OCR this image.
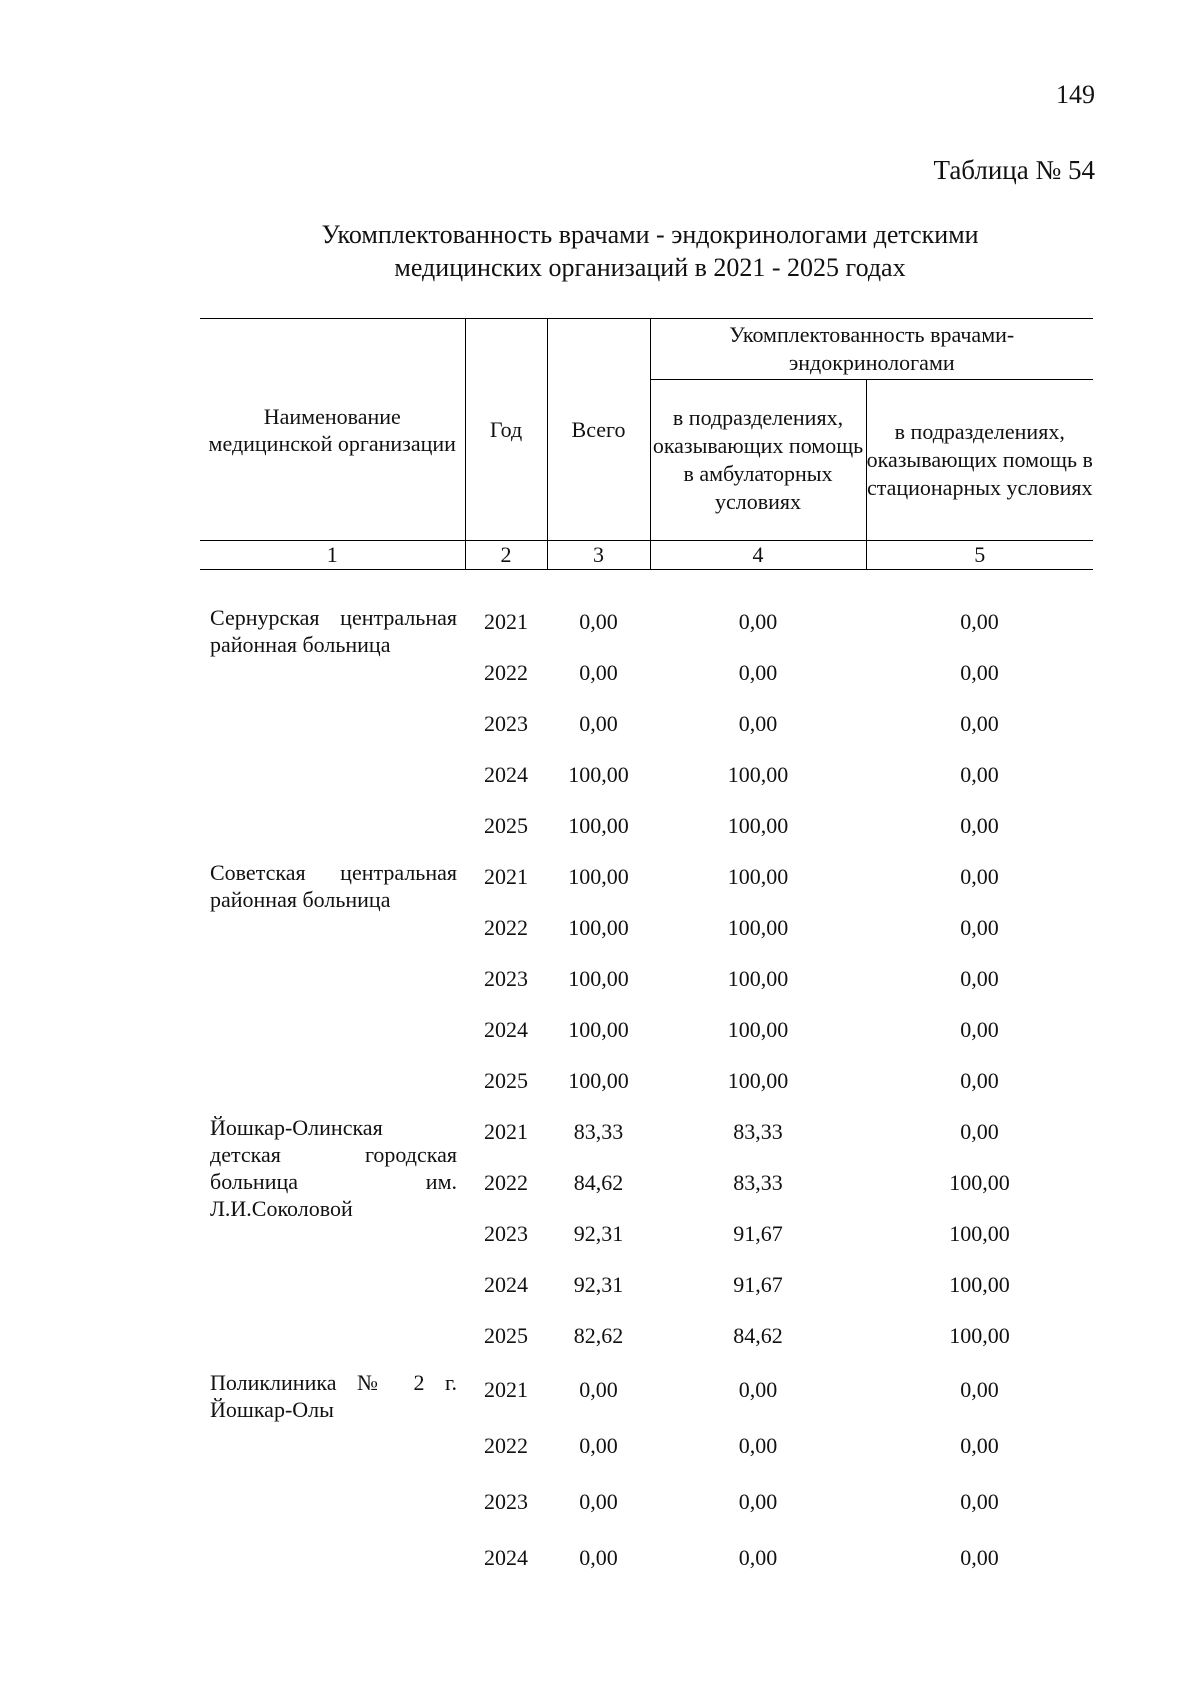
149
Таблица № 54
Укомплектованность врачами - эндокринологами детскими
медицинских организаций в 2021 - 2025 годах
Наименование медицинской организации	Год	Всего	Укомплектованность врачами-эндокринологами	
			в подразделениях, оказывающих помощь в амбулаторных условиях	в подразделениях, оказывающих помощь в стационарных условиях
1	2	3	4	5

Сернурская центральная районная больница	2021	0,00	0,00	0,00
	2022	0,00	0,00	0,00
	2023	0,00	0,00	0,00
	2024	100,00	100,00	0,00
	2025	100,00	100,00	0,00
Советская центральная районная больница	2021	100,00	100,00	0,00
	2022	100,00	100,00	0,00
	2023	100,00	100,00	0,00
	2024	100,00	100,00	0,00
	2025	100,00	100,00	0,00
Йошкар-Олинская детская городская больница им. Л.И.Соколовой	2021	83,33	83,33	0,00
	2022	84,62	83,33	100,00
	2023	92,31	91,67	100,00
	2024	92,31	91,67	100,00
	2025	82,62	84,62	100,00
Поликлиника № 2 г. Йошкар-Олы	2021	0,00	0,00	0,00
	2022	0,00	0,00	0,00
	2023	0,00	0,00	0,00
	2024	0,00	0,00	0,00
